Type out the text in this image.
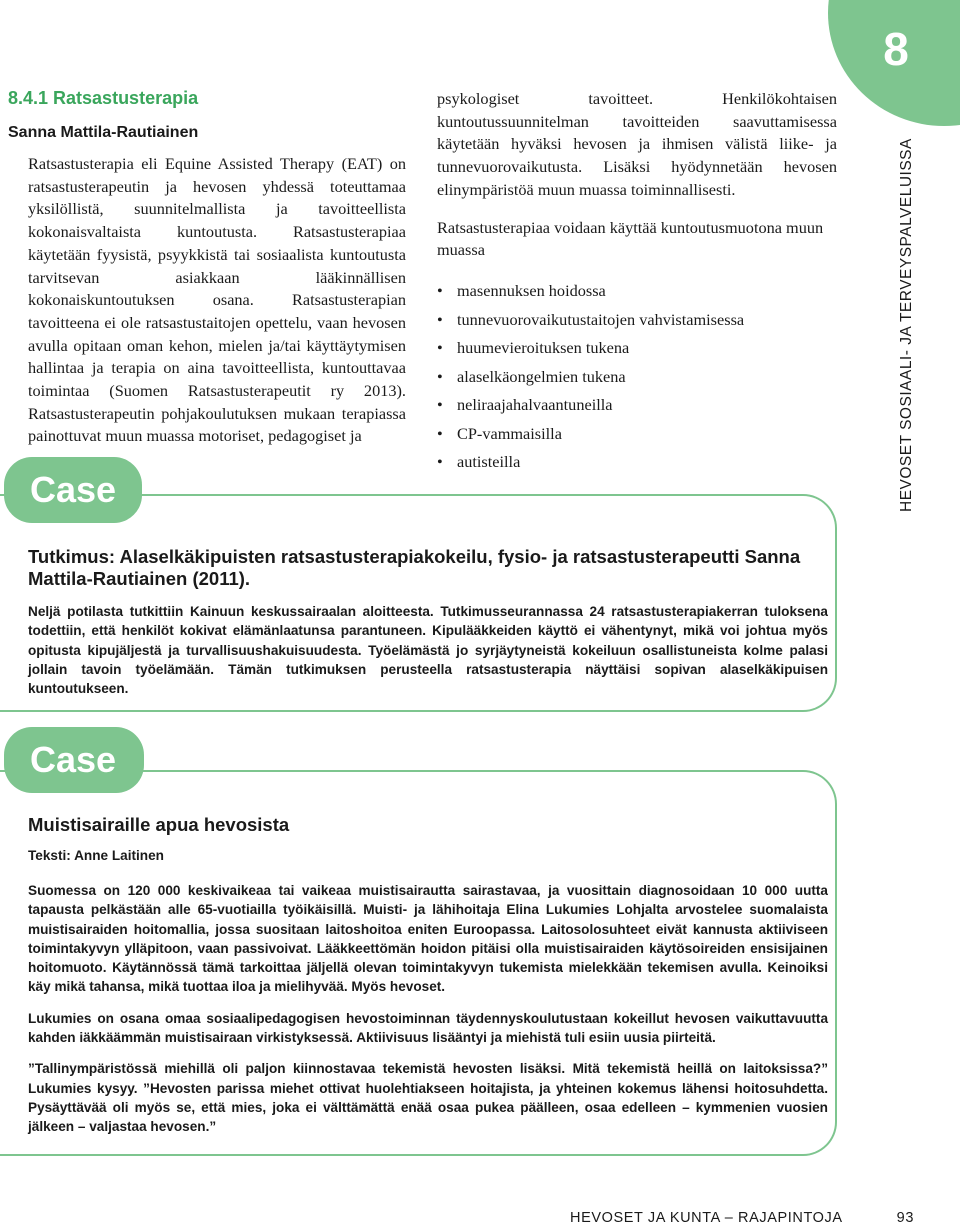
8
HEVOSET SOSIAALI- JA TERVEYSPALVELUISSA
8.4.1 Ratsastusterapia
Sanna Mattila-Rautiainen

Ratsastusterapia eli Equine Assisted Therapy (EAT) on ratsastusterapeutin ja hevosen yhdessä toteuttamaa yksilöllistä, suunnitelmallista ja tavoitteellista kokonaisvaltaista kuntoutusta. Ratsastusterapiaa käytetään fyysistä, psyykkistä tai sosiaalista kuntoutusta tarvitsevan asiakkaan lääkinnällisen kokonaiskuntoutuksen osana. Ratsastusterapian tavoitteena ei ole ratsastustaitojen opettelu, vaan hevosen avulla opitaan oman kehon, mielen ja/tai käyttäytymisen hallintaa ja terapia on aina tavoitteellista, kuntouttavaa toimintaa (Suomen Ratsastusterapeutit ry 2013). Ratsastusterapeutin pohjakoulutuksen mukaan terapiassa painottuvat muun muassa motoriset, pedagogiset ja

psykologiset tavoitteet. Henkilökohtaisen kuntoutussuunnitelman tavoitteiden saavuttamisessa käytetään hyväksi hevosen ja ihmisen välistä liike- ja tunnevuorovaikutusta. Lisäksi hyödynnetään hevosen elinympäristöä muun muassa toiminnallisesti.

Ratsastusterapiaa voidaan käyttää kuntoutusmuotona muun muassa

• masennuksen hoidossa
• tunnevuorovaikutustaitojen vahvistamisessa
• huumevieroituksen tukena
• alaselkäongelmien tukena
• neliraajahalvaantuneilla
• CP-vammaisilla
• autisteilla
Case
Tutkimus: Alaselkäkipuisten ratsastusterapiakokeilu, fysio- ja ratsastusterapeutti Sanna Mattila-Rautiainen (2011).

Neljä potilasta tutkittiin Kainuun keskussairaalan aloitteesta. Tutkimusseurannassa 24 ratsastusterapiakerran tuloksena todettiin, että henkilöt kokivat elämänlaatunsa parantuneen. Kipulääkkeiden käyttö ei vähentynyt, mikä voi johtua myös opitusta kipujäljestä ja turvallisuushakuisuudesta. Työelämästä jo syrjäytyneistä kokeiluun osallistuneista kolme palasi jollain tavoin työelämään. Tämän tutkimuksen perusteella ratsastusterapia näyttäisi sopivan alaselkäkipuisen kuntoutukseen.

Case
Muistisairaille apua hevosista

Teksti: Anne Laitinen

Suomessa on 120 000 keskivaikeaa tai vaikeaa muistisairautta sairastavaa, ja vuosittain diagnosoidaan 10 000 uutta tapausta pelkästään alle 65-vuotiailla työikäisillä. Muisti- ja lähihoitaja Elina Lukumies Lohjalta arvostelee suomalaista muistisairaiden hoitomallia, jossa suositaan laitoshoitoa eniten Euroopassa. Laitosolosuhteet eivät kannusta aktiiviseen toimintakyvyn ylläpitoon, vaan passivoivat. Lääkkeettömän hoidon pitäisi olla muistisairaiden käytösoireiden ensisijainen hoitomuoto. Käytännössä tämä tarkoittaa jäljellä olevan toimintakyvyn tukemista mielekkään tekemisen avulla. Keinoiksi käy mikä tahansa, mikä tuottaa iloa ja mielihyvää. Myös hevoset.

Lukumies on osana omaa sosiaalipedagogisen hevostoiminnan täydennyskoulutustaan kokeillut hevosen vaikuttavuutta kahden iäkkäämmän muistisairaan virkistyksessä. Aktiivisuus lisääntyi ja miehistä tuli esiin uusia piirteitä.

”Tallinympäristössä miehillä oli paljon kiinnostavaa tekemistä hevosten lisäksi. Mitä tekemistä heillä on laitoksissa?” Lukumies kysyy. ”Hevosten parissa miehet ottivat huolehtiakseen hoitajista, ja yhteinen kokemus lähensi hoitosuhdetta. Pysäyttävää oli myös se, että mies, joka ei välttämättä enää osaa pukea päälleen, osaa edelleen – kymmenien vuosien jälkeen – valjastaa hevosen.”

HEVOSET JA KUNTA – RAJAPINTOJA	93
